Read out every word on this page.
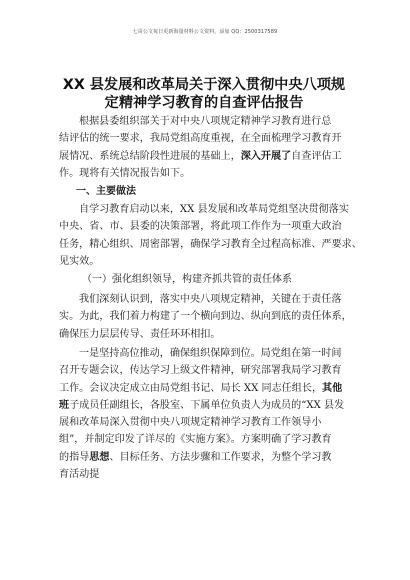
七哥公文每日更新海量材料公文资料，添加 QQ：2500317589
XX 县发展和改革局关于深入贯彻中央八项规
定精神学习教育的自查评估报告
根据县委组织部关于对中央八项规定精神学习教育进行总
结评估的统一要求，我局党组高度重视，在全面梳理学习教育开
展情况、系统总结阶段性进展的基础上，深入开展了自查评估工
作。现将有关情况报告如下。
一、主要做法
自学习教育启动以来，XX 县发展和改革局党组坚决贯彻落实
中央、省、市、县委的决策部署，将此项工作作为一项重大政治
任务，精心组织、周密部署，确保学习教育全过程高标准、严要求、
见实效。
（一）强化组织领导，构建齐抓共管的责任体系
我们深刻认识到，落实中央八项规定精神，关键在于责任落
实。为此，我们着力构建了一个横向到边、纵向到底的责任体系，
确保压力层层传导、责任环环相扣。
一是坚持高位推动，确保组织保障到位。局党组在第一时间
召开专题会议，传达学习上级文件精神，研究部署我局学习教育
工作。会议决定成立由局党组书记、局长 XX 同志任组长，其他
班子成员任副组长，各股室、下属单位负责人为成员的“XX 县发
展和改革局深入贯彻中央八项规定精神学习教育工作领导小
组”，并制定印发了详尽的《实施方案》。方案明确了学习教育
的指导思想、目标任务、方法步骤和工作要求，为整个学习教
育活动提
